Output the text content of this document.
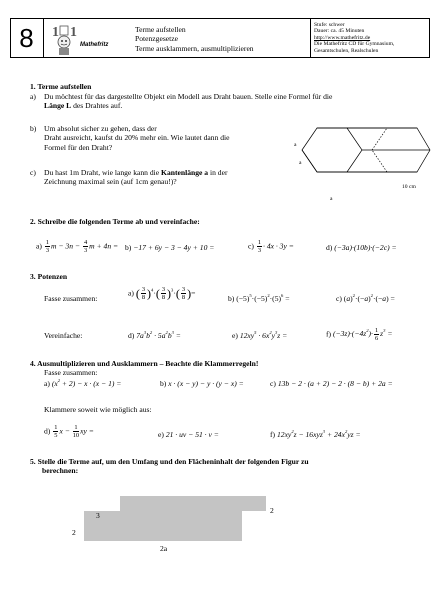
8	1 1
Mathefritz
Terme aufstellen
Potenzgesetze
Terme ausklammern, ausmultiplizieren
Stufe: schwer
Dauer: ca. 45 Minuten
http://www.mathefritz.de
Die Mathefritz CD für Gymnasium,
Gesamtschulen, Realschulen
1. Terme aufstellen
a) Du möchtest für das dargestellte Objekt ein Modell aus Draht bauen. Stelle eine Formel für die
Länge L des Drahtes auf.
b) Um absolut sicher zu gehen, dass der
Draht ausreicht, kaufst du 20% mehr ein. Wie lautet dann die
Formel für den Draht?
c) Du hast 1m Draht, wie lange kann die Kantenlänge a in der
Zeichnung maximal sein (auf 1cm genau!)?
a
a
10 cm
a
2. Schreibe die folgenden Terme ab und vereinfache:
$a) \frac{1}{3}$ $m - 3n - \frac{4}{3}$ m + 4n = b) −17 + 6y − 3 − 4y + 10 =	$c) \frac{1}{3} \cdot 4x \cdot 3y$ =	d) (−3a)·(10b)·(−2c) =
3. Potenzen
Fasse zusammen:
a) ( $\frac{3}{8} )^4\cdot( \frac{3}{8} )^3\cdot( \frac{3}{8}$ )=
b) $(-5)^5\cdot(-5)^2\cdot(5)^6$ =	c) $(a)^2\cdot(-a)^2\cdot(-a)$ =
Vereinfache:	d) $7a^3b^2 \cdot 5a^2b^3$ =	e) $12xy^5 \cdot 6x^2y^3z$ =	f) $(-3z)\cdot(-4z^2)\cdot \frac{1}{6} z^3$ =
4. Ausmultiplizieren und Ausklammern – Beachte die Klammerregeln!
Fasse zusammen:
a) $(x^2 + 2) - x \cdot (x - 1)$ =	b) x · (x − y) − y · (y − x) =	c) 13b − 2 · (a + 2) − 2 · (8 − b) + 2a =
Klammere soweit wie möglich aus:
$d) \frac{1}{5}$ $x - \frac{1}{10}$ xy =	e) 21 · uv − 51 · v =	f) $12xy^2z - 16xyz^3 + 24x^2yz$ =
5. Stelle die Terme auf, um den Umfang und den Flächeninhalt der folgenden Figur zu
berechnen:
3
2
2
2a
